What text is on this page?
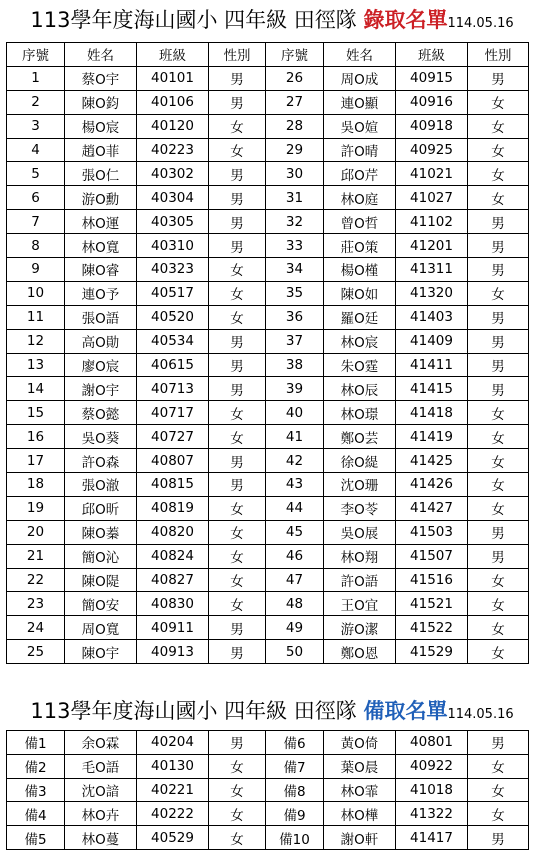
113學年度海山國小 四年級 田徑隊 錄取名單114.05.16
序號	姓名	班級	性別	序號	姓名	班級	性別
1	蔡O宇	40101	男	26	周O成	40915	男
2	陳O鈞	40106	男	27	連O顯	40916	女
3	楊O宸	40120	女	28	吳O媗	40918	女
4	趙O菲	40223	女	29	許O晴	40925	女
5	張O仁	40302	男	30	邱O芹	41021	女
6	游O勳	40304	男	31	林O庭	41027	女
7	林O運	40305	男	32	曾O哲	41102	男
8	林O寬	40310	男	33	莊O策	41201	男
9	陳O睿	40323	女	34	楊O槿	41311	男
10	連O予	40517	女	35	陳O如	41320	女
11	張O語	40520	女	36	羅O廷	41403	男
12	高O勛	40534	男	37	林O宸	41409	男
13	廖O宸	40615	男	38	朱O霆	41411	男
14	謝O宇	40713	男	39	林O辰	41415	男
15	蔡O懿	40717	女	40	林O璟	41418	女
16	吳O葵	40727	女	41	鄭O芸	41419	女
17	許O森	40807	男	42	徐O緹	41425	女
18	張O澈	40815	男	43	沈O珊	41426	女
19	邱O昕	40819	女	44	李O苓	41427	女
20	陳O蓁	40820	女	45	吳O展	41503	男
21	簡O沁	40824	女	46	林O翔	41507	男
22	陳O隄	40827	女	47	許O語	41516	女
23	簡O安	40830	女	48	王O宜	41521	女
24	周O寬	40911	男	49	游O潔	41522	女
25	陳O宇	40913	男	50	鄭O恩	41529	女
113學年度海山國小 四年級 田徑隊 備取名單114.05.16
備1	余O霖	40204	男	備6	黃O倚	40801	男
備2	毛O語	40130	女	備7	葉O晨	40922	女
備3	沈O諳	40221	女	備8	林O霏	41018	女
備4	林O卉	40222	女	備9	林O樺	41322	女
備5	林O蔓	40529	女	備10	謝O軒	41417	男
